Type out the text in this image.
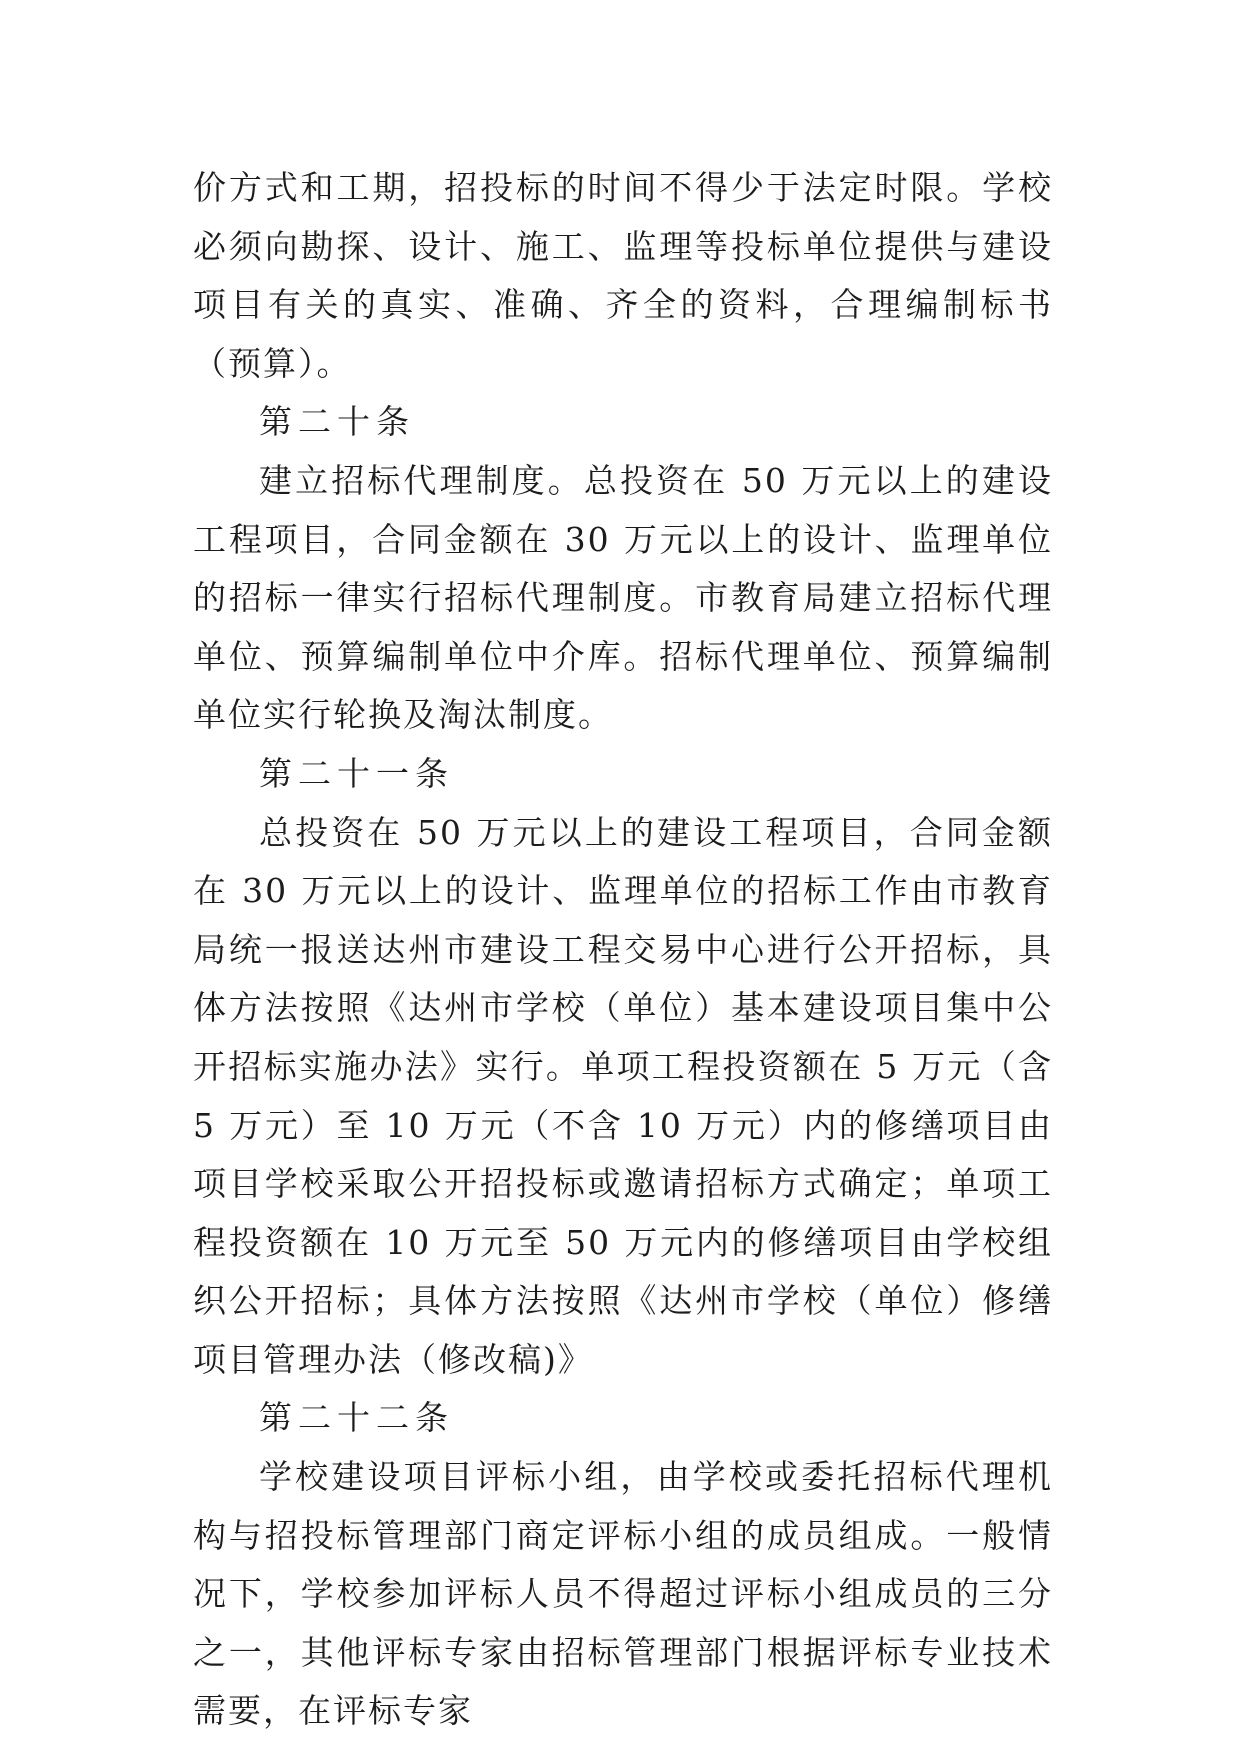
价方式和工期，招投标的时间不得少于法定时限。学校必须向勘探、设计、施工、监理等投标单位提供与建设项目有关的真实、准确、齐全的资料，合理编制标书（预算）。

第二十条

建立招标代理制度。总投资在 50 万元以上的建设工程项目，合同金额在 30 万元以上的设计、监理单位的招标一律实行招标代理制度。市教育局建立招标代理单位、预算编制单位中介库。招标代理单位、预算编制单位实行轮换及淘汰制度。

第二十一条

总投资在 50 万元以上的建设工程项目，合同金额在 30 万元以上的设计、监理单位的招标工作由市教育局统一报送达州市建设工程交易中心进行公开招标，具体方法按照《达州市学校（单位）基本建设项目集中公开招标实施办法》实行。单项工程投资额在 5 万元（含 5 万元）至 10 万元（不含 10 万元）内的修缮项目由项目学校采取公开招投标或邀请招标方式确定；单项工程投资额在 10 万元至 50 万元内的修缮项目由学校组织公开招标；具体方法按照《达州市学校（单位）修缮项目管理办法（修改稿)》

第二十二条

学校建设项目评标小组，由学校或委托招标代理机构与招投标管理部门商定评标小组的成员组成。一般情况下，学校参加评标人员不得超过评标小组成员的三分之一，其他评标专家由招标管理部门根据评标专业技术需要，在评标专家
